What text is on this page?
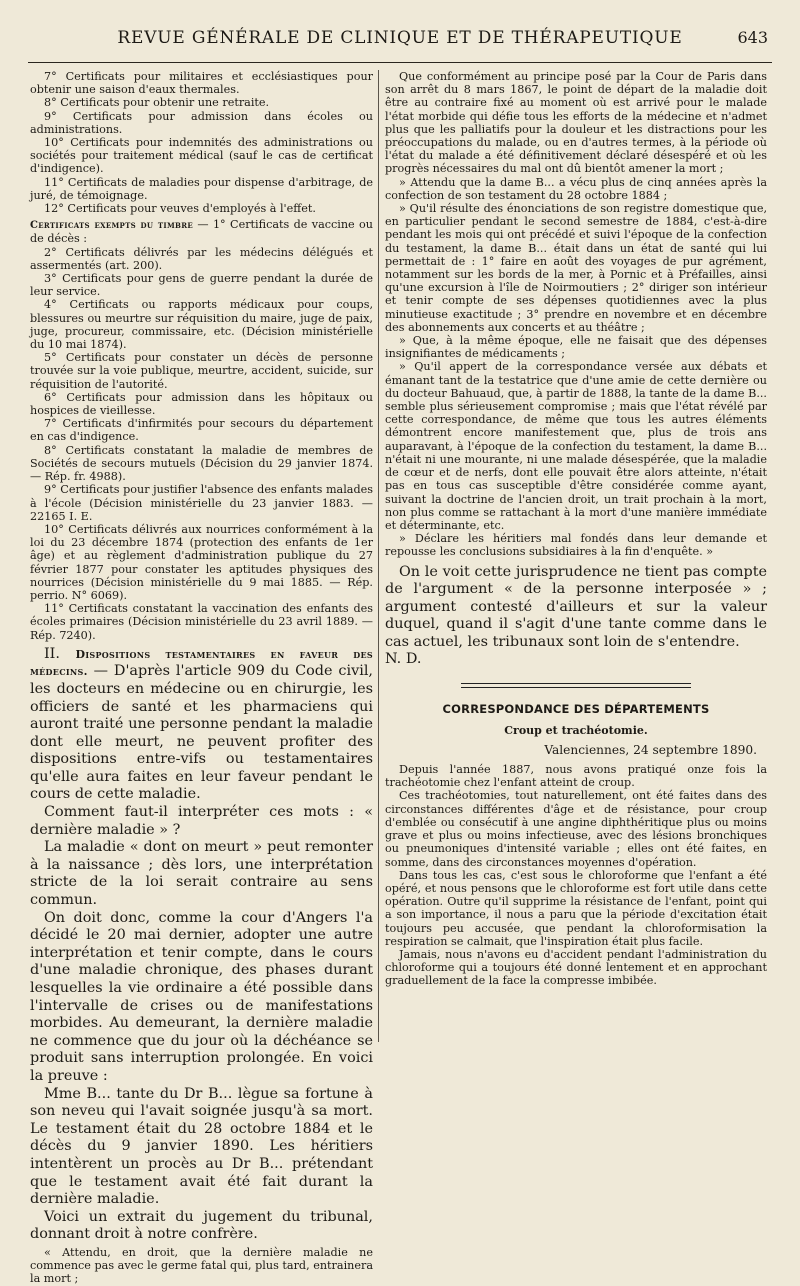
REVUE GÉNÉRALE DE CLINIQUE ET DE THÉRAPEUTIQUE	643

7° Certificats pour militaires et ecclésiastiques pour obtenir une saison d'eaux thermales.

8° Certificats pour obtenir une retraite.

9° Certificats pour admission dans écoles ou administrations.

10° Certificats pour indemnités des administrations ou sociétés pour traitement médical (sauf le cas de certificat d'indigence).

11° Certificats de maladies pour dispense d'arbitrage, de juré, de témoignage.

12° Certificats pour veuves d'employés à l'effet.

Certificats exempts du timbre — 1° Certificats de vaccine ou de décès :

2° Certificats délivrés par les médecins délégués et assermentés (art. 200).

3° Certificats pour gens de guerre pendant la durée de leur service.

4° Certificats ou rapports médicaux pour coups, blessures ou meurtre sur réquisition du maire, juge de paix, juge, procureur, commissaire, etc. (Décision ministérielle du 10 mai 1874).

5° Certificats pour constater un décès de personne trouvée sur la voie publique, meurtre, accident, suicide, sur réquisition de l'autorité.

6° Certificats pour admission dans les hôpitaux ou hospices de vieillesse.

7° Certificats d'infirmités pour secours du département en cas d'indigence.

8° Certificats constatant la maladie de membres de Sociétés de secours mutuels (Décision du 29 janvier 1874. — Rép. fr. 4988).

9° Certificats pour justifier l'absence des enfants malades à l'école (Décision ministérielle du 23 janvier 1883. — 22165 I. E.

10° Certificats délivrés aux nourrices conformément à la loi du 23 décembre 1874 (protection des enfants de 1er âge) et au règlement d'administration publique du 27 février 1877 pour constater les aptitudes physiques des nourrices (Décision ministérielle du 9 mai 1885. — Rép. perrio. N° 6069).

11° Certificats constatant la vaccination des enfants des écoles primaires (Décision ministérielle du 23 avril 1889. — Rép. 7240).

II. Dispositions testamentaires en faveur des médecins. — D'après l'article 909 du Code civil, les docteurs en médecine ou en chirurgie, les officiers de santé et les pharmaciens qui auront traité une personne pendant la maladie dont elle meurt, ne peuvent profiter des dispositions entre-vifs ou testamentaires qu'elle aura faites en leur faveur pendant le cours de cette maladie.

Comment faut-il interpréter ces mots : « dernière maladie » ?

La maladie « dont on meurt » peut remonter à la naissance ; dès lors, une interprétation stricte de la loi serait contraire au sens commun.

On doit donc, comme la cour d'Angers l'a décidé le 20 mai dernier, adopter une autre interprétation et tenir compte, dans le cours d'une maladie chronique, des phases durant lesquelles la vie ordinaire a été possible dans l'intervalle de crises ou de manifestations morbides. Au demeurant, la dernière maladie ne commence que du jour où la déchéance se produit sans interruption prolongée. En voici la preuve :

Mme B... tante du Dr B... lègue sa fortune à son neveu qui l'avait soignée jusqu'à sa mort. Le testament était du 28 octobre 1884 et le décès du 9 janvier 1890. Les héritiers intentèrent un procès au Dr B... prétendant que le testament avait été fait durant la dernière maladie.

Voici un extrait du jugement du tribunal, donnant droit à notre confrère.

« Attendu, en droit, que la dernière maladie ne commence pas avec le germe fatal qui, plus tard, entrainera la mort ;

Que conformément au principe posé par la Cour de Paris dans son arrêt du 8 mars 1867, le point de départ de la maladie doit être au contraire fixé au moment où est arrivé pour le malade l'état morbide qui défie tous les efforts de la médecine et n'admet plus que les palliatifs pour la douleur et les distractions pour les préoccupations du malade, ou en d'autres termes, à la période où l'état du malade a été définitivement déclaré désespéré et où les progrès nécessaires du mal ont dû bientôt amener la mort ;

» Attendu que la dame B... a vécu plus de cinq années après la confection de son testament du 28 octobre 1884 ;

» Qu'il résulte des énonciations de son registre domestique que, en particulier pendant le second semestre de 1884, c'est-à-dire pendant les mois qui ont précédé et suivi l'époque de la confection du testament, la dame B... était dans un état de santé qui lui permettait de : 1° faire en août des voyages de pur agrément, notamment sur les bords de la mer, à Pornic et à Préfailles, ainsi qu'une excursion à l'île de Noirmoutiers ; 2° diriger son intérieur et tenir compte de ses dépenses quotidiennes avec la plus minutieuse exactitude ; 3° prendre en novembre et en décembre des abonnements aux concerts et au théâtre ;

» Que, à la même époque, elle ne faisait que des dépenses insignifiantes de médicaments ;

» Qu'il appert de la correspondance versée aux débats et émanant tant de la testatrice que d'une amie de cette dernière ou du docteur Bahuaud, que, à partir de 1888, la tante de la dame B... semble plus sérieusement compromise ; mais que l'état révélé par cette correspondance, de même que tous les autres éléments démontrent encore manifestement que, plus de trois ans auparavant, à l'époque de la confection du testament, la dame B... n'était ni une mourante, ni une malade désespérée, que la maladie de cœur et de nerfs, dont elle pouvait être alors atteinte, n'était pas en tous cas susceptible d'être considérée comme ayant, suivant la doctrine de l'ancien droit, un trait prochain à la mort, non plus comme se rattachant à la mort d'une manière immédiate et déterminante, etc.

» Déclare les héritiers mal fondés dans leur demande et repousse les conclusions subsidiaires à la fin d'enquête. »

On le voit cette jurisprudence ne tient pas compte de l'argument « de la personne interposée » ; argument contesté d'ailleurs et sur la valeur duquel, quand il s'agit d'une tante comme dans le cas actuel, les tribunaux sont loin de s'entendre.

N. D.

CORRESPONDANCE DES DÉPARTEMENTS
Croup et trachéotomie.
Valenciennes, 24 septembre 1890.

Depuis l'année 1887, nous avons pratiqué onze fois la trachéotomie chez l'enfant atteint de croup.

Ces trachéotomies, tout naturellement, ont été faites dans des circonstances différentes d'âge et de résistance, pour croup d'emblée ou consécutif à une angine diphthéritique plus ou moins grave et plus ou moins infectieuse, avec des lésions bronchiques ou pneumoniques d'intensité variable ; elles ont été faites, en somme, dans des circonstances moyennes d'opération.

Dans tous les cas, c'est sous le chloroforme que l'enfant a été opéré, et nous pensons que le chloroforme est fort utile dans cette opération. Outre qu'il supprime la résistance de l'enfant, point qui a son importance, il nous a paru que la période d'excitation était toujours peu accusée, que pendant la chloroformisation la respiration se calmait, que l'inspiration était plus facile.

Jamais, nous n'avons eu d'accident pendant l'administration du chloroforme qui a toujours été donné lentement et en approchant graduellement de la face la compresse imbibée.
